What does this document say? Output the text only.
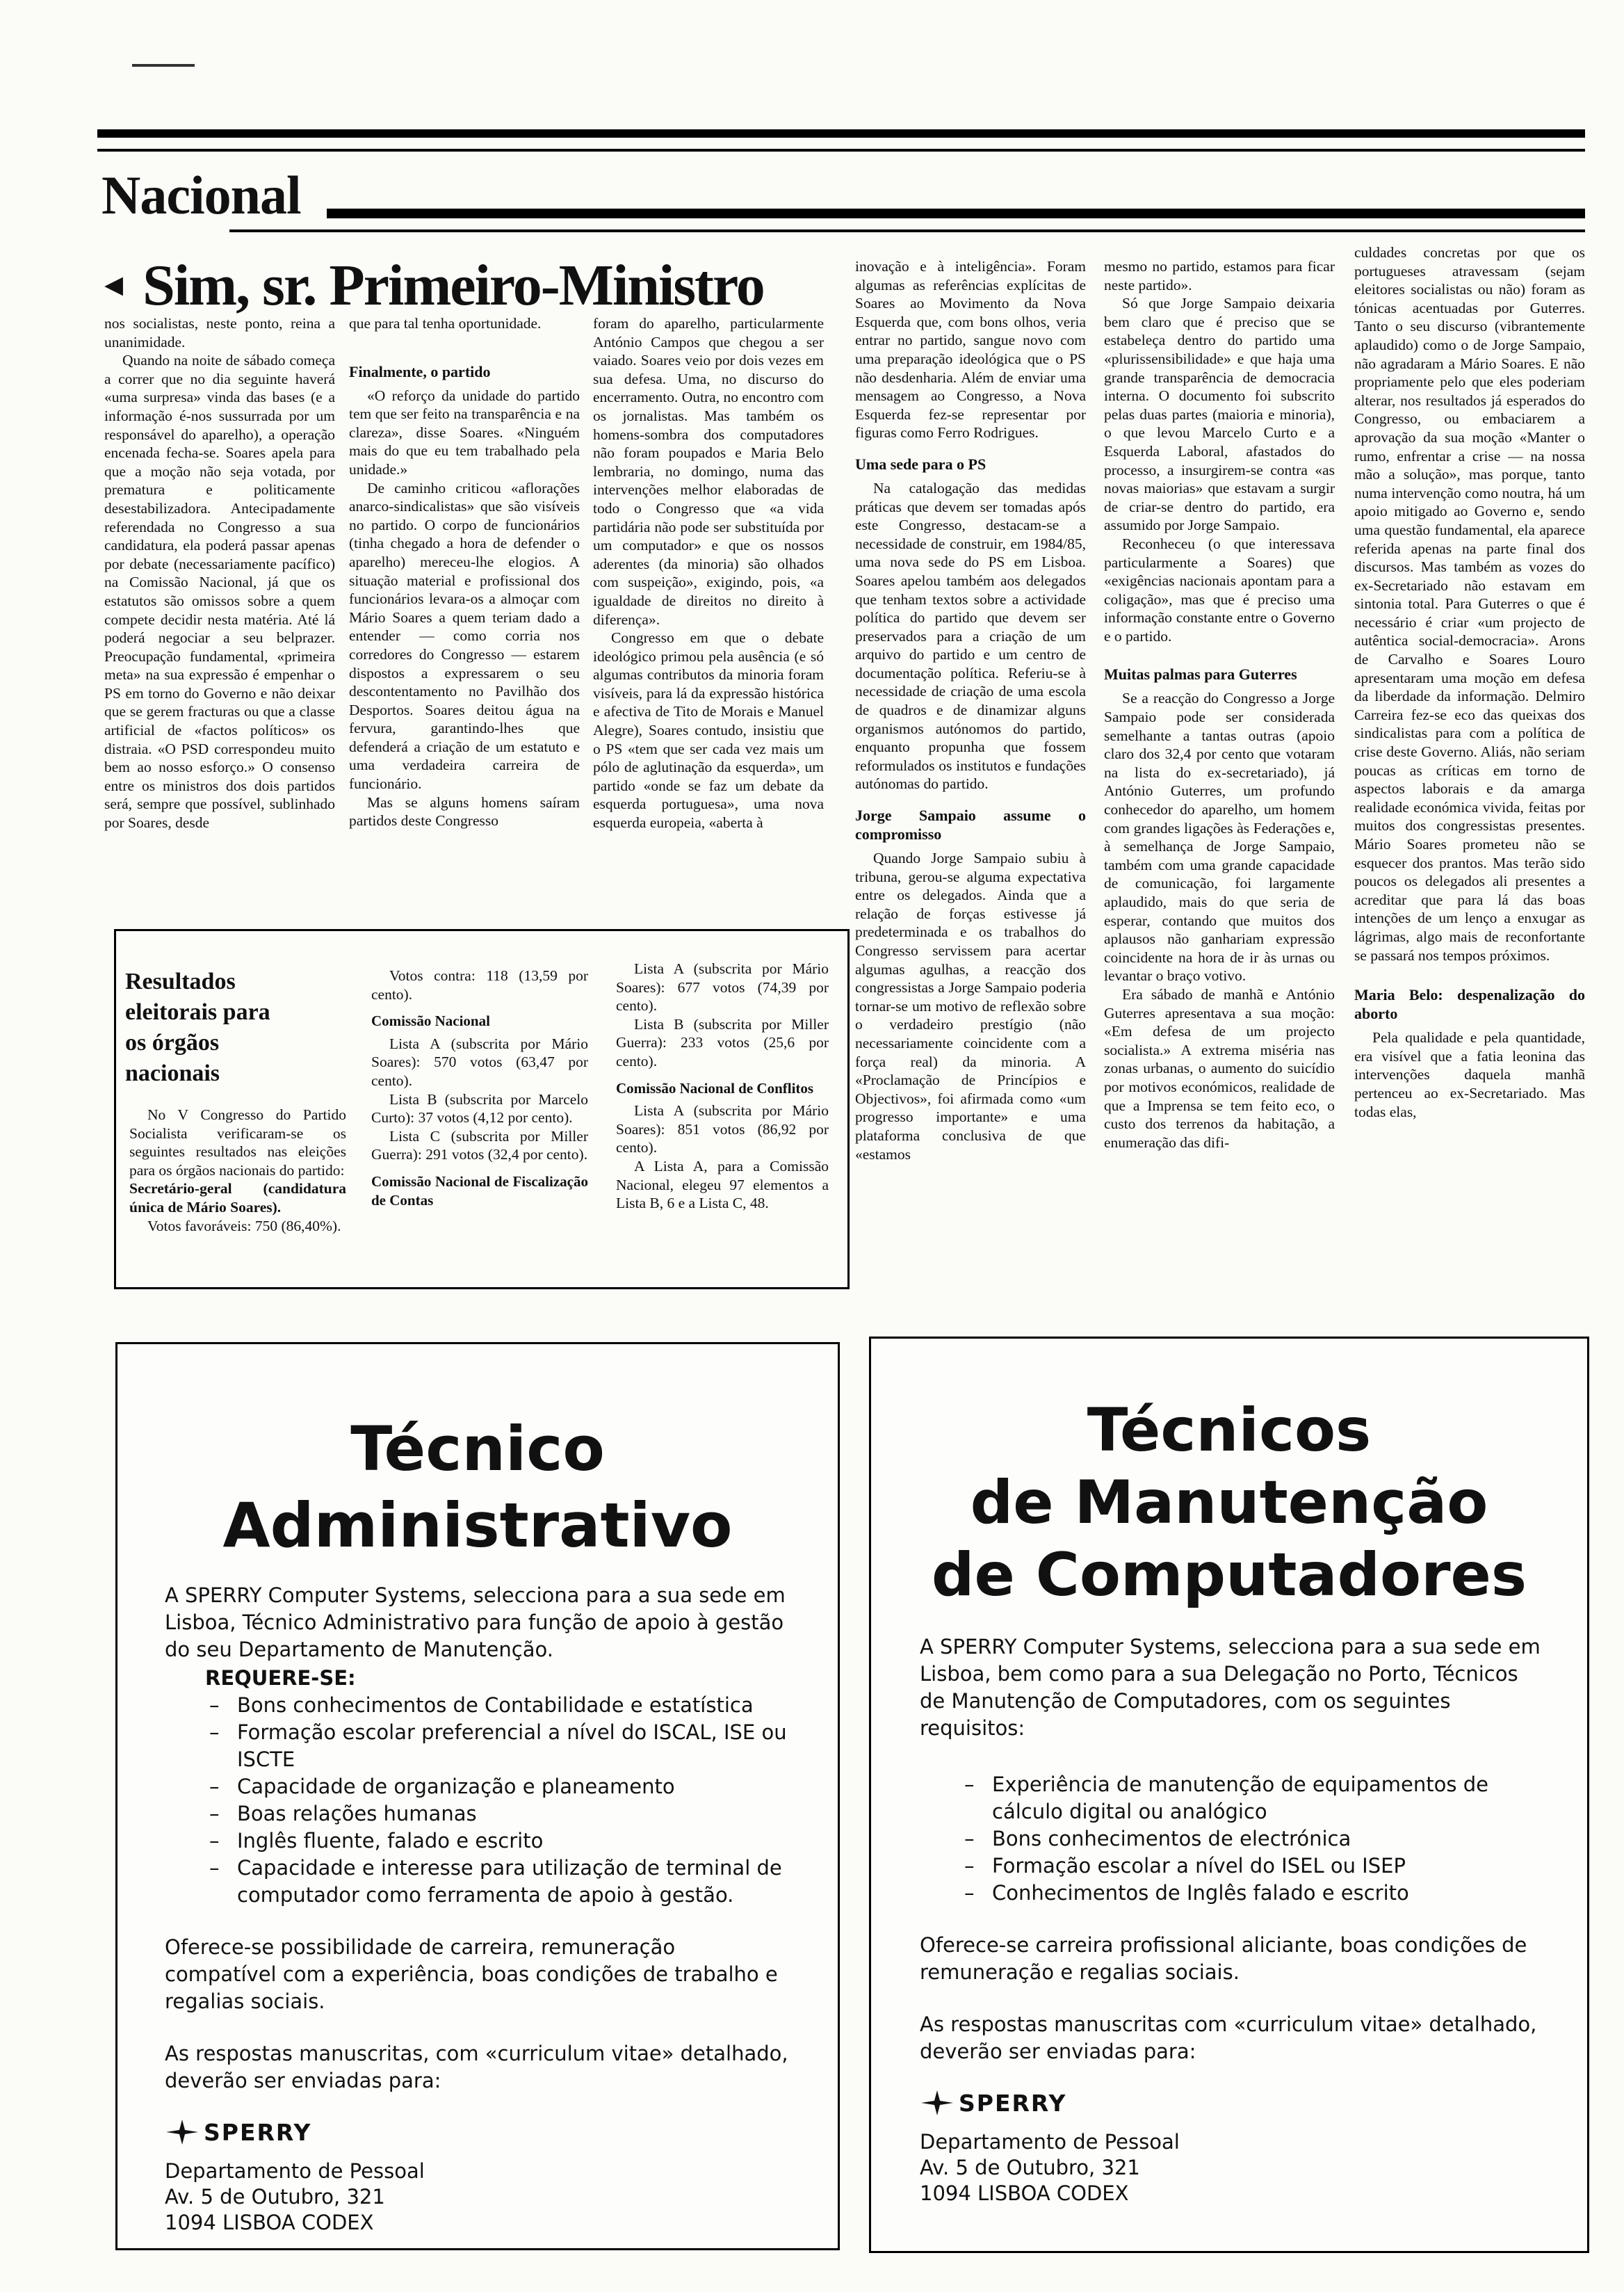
Nacional
◂ Sim, sr. Primeiro-Ministro

nos socialistas, neste ponto, reina a unanimidade.

Quando na noite de sábado começa a correr que no dia seguinte haverá «uma surpresa» vinda das bases (e a informação é-nos sussurrada por um responsável do aparelho), a operação encenada fecha-se. Soares apela para que a moção não seja votada, por prematura e politicamente desestabilizadora. Antecipadamente referendada no Congresso a sua candidatura, ela poderá passar apenas por debate (necessariamente pacífico) na Comissão Nacional, já que os estatutos são omissos sobre a quem compete decidir nesta matéria. Até lá poderá negociar a seu belprazer. Preocupação fundamental, «primeira meta» na sua expressão é empenhar o PS em torno do Governo e não deixar que se gerem fracturas ou que a classe artificial de «factos políticos» os distraia. «O PSD correspondeu muito bem ao nosso esforço.» O consenso entre os ministros dos dois partidos será, sempre que possível, sublinhado por Soares, desde

que para tal tenha oportunidade.

Finalmente, o partido

«O reforço da unidade do partido tem que ser feito na transparência e na clareza», disse Soares. «Ninguém mais do que eu tem trabalhado pela unidade.»

De caminho criticou «aflorações anarco-sindicalistas» que são visíveis no partido. O corpo de funcionários (tinha chegado a hora de defender o aparelho) mereceu-lhe elogios. A situação material e profissional dos funcionários levara-os a almoçar com Mário Soares a quem teriam dado a entender — como corria nos corredores do Congresso — estarem dispostos a expressarem o seu descontentamento no Pavilhão dos Desportos. Soares deitou água na fervura, garantindo-lhes que defenderá a criação de um estatuto e uma verdadeira carreira de funcionário.

Mas se alguns homens saíram partidos deste Congresso

foram do aparelho, particularmente António Campos que chegou a ser vaiado. Soares veio por dois vezes em sua defesa. Uma, no discurso do encerramento. Outra, no encontro com os jornalistas. Mas também os homens-sombra dos computadores não foram poupados e Maria Belo lembraria, no domingo, numa das intervenções melhor elaboradas de todo o Congresso que «a vida partidária não pode ser substituída por um computador» e que os nossos aderentes (da minoria) são olhados com suspeição», exigindo, pois, «a igualdade de direitos no direito à diferença».

Congresso em que o debate ideológico primou pela ausência (e só algumas contributos da minoria foram visíveis, para lá da expressão histórica e afectiva de Tito de Morais e Manuel Alegre), Soares contudo, insistiu que o PS «tem que ser cada vez mais um pólo de aglutinação da esquerda», um partido «onde se faz um debate da esquerda portuguesa», uma nova esquerda europeia, «aberta à

inovação e à inteligência». Foram algumas as referências explícitas de Soares ao Movimento da Nova Esquerda que, com bons olhos, veria entrar no partido, sangue novo com uma preparação ideológica que o PS não desdenharia. Além de enviar uma mensagem ao Congresso, a Nova Esquerda fez-se representar por figuras como Ferro Rodrigues.

Uma sede para o PS

Na catalogação das medidas práticas que devem ser tomadas após este Congresso, destacam-se a necessidade de construir, em 1984/85, uma nova sede do PS em Lisboa. Soares apelou também aos delegados que tenham textos sobre a actividade política do partido que devem ser preservados para a criação de um arquivo do partido e um centro de documentação política. Referiu-se à necessidade de criação de uma escola de quadros e de dinamizar alguns organismos autónomos do partido, enquanto propunha que fossem reformulados os institutos e fundações autónomas do partido.

Jorge Sampaio assume o compromisso

Quando Jorge Sampaio subiu à tribuna, gerou-se alguma expectativa entre os delegados. Ainda que a relação de forças estivesse já predeterminada e os trabalhos do Congresso servissem para acertar algumas agulhas, a reacção dos congressistas a Jorge Sampaio poderia tornar-se um motivo de reflexão sobre o verdadeiro prestígio (não necessariamente coincidente com a força real) da minoria. A «Proclamação de Princípios e Objectivos», foi afirmada como «um progresso importante» e uma plataforma conclusiva de que «estamos

mesmo no partido, estamos para ficar neste partido».

Só que Jorge Sampaio deixaria bem claro que é preciso que se estabeleça dentro do partido uma «plurissensibilidade» e que haja uma grande transparência de democracia interna. O documento foi subscrito pelas duas partes (maioria e minoria), o que levou Marcelo Curto e a Esquerda Laboral, afastados do processo, a insurgirem-se contra «as novas maiorias» que estavam a surgir de criar-se dentro do partido, era assumido por Jorge Sampaio.

Reconheceu (o que interessava particularmente a Soares) que «exigências nacionais apontam para a coligação», mas que é preciso uma informação constante entre o Governo e o partido.

Muitas palmas para Guterres

Se a reacção do Congresso a Jorge Sampaio pode ser considerada semelhante a tantas outras (apoio claro dos 32,4 por cento que votaram na lista do ex-secretariado), já António Guterres, um profundo conhecedor do aparelho, um homem com grandes ligações às Federações e, à semelhança de Jorge Sampaio, também com uma grande capacidade de comunicação, foi largamente aplaudido, mais do que seria de esperar, contando que muitos dos aplausos não ganhariam expressão coincidente na hora de ir às urnas ou levantar o braço votivo.

Era sábado de manhã e António Guterres apresentava a sua moção: «Em defesa de um projecto socialista.» A extrema miséria nas zonas urbanas, o aumento do suicídio por motivos económicos, realidade de que a Imprensa se tem feito eco, o custo dos terrenos da habitação, a enumeração das difi-

culdades concretas por que os portugueses atravessam (sejam eleitores socialistas ou não) foram as tónicas acentuadas por Guterres. Tanto o seu discurso (vibrantemente aplaudido) como o de Jorge Sampaio, não agradaram a Mário Soares. E não propriamente pelo que eles poderiam alterar, nos resultados já esperados do Congresso, ou embaciarem a aprovação da sua moção «Manter o rumo, enfrentar a crise — na nossa mão a solução», mas porque, tanto numa intervenção como noutra, há um apoio mitigado ao Governo e, sendo uma questão fundamental, ela aparece referida apenas na parte final dos discursos. Mas também as vozes do ex-Secretariado não estavam em sintonia total. Para Guterres o que é necessário é criar «um projecto de autêntica social-democracia». Arons de Carvalho e Soares Louro apresentaram uma moção em defesa da liberdade da informação. Delmiro Carreira fez-se eco das queixas dos sindicalistas para com a política de crise deste Governo. Aliás, não seriam poucas as críticas em torno de aspectos laborais e da amarga realidade económica vivida, feitas por muitos dos congressistas presentes. Mário Soares prometeu não se esquecer dos prantos. Mas terão sido poucos os delegados ali presentes a acreditar que para lá das boas intenções de um lenço a enxugar as lágrimas, algo mais de reconfortante se passará nos tempos próximos.

Maria Belo: despenalização do aborto

Pela qualidade e pela quantidade, era visível que a fatia leonina das intervenções daquela manhã pertenceu ao ex-Secretariado. Mas todas elas,

Resultados eleitorais para os órgãos nacionais

No V Congresso do Partido Socialista verificaram-se os seguintes resultados nas eleições para os órgãos nacionais do partido:

Secretário-geral (candidatura única de Mário Soares).

Votos favoráveis: 750 (86,40%).

Votos contra: 118 (13,59 por cento).

Comissão Nacional

Lista A (subscrita por Mário Soares): 570 votos (63,47 por cento).

Lista B (subscrita por Marcelo Curto): 37 votos (4,12 por cento).

Lista C (subscrita por Miller Guerra): 291 votos (32,4 por cento).

Comissão Nacional de Fiscalização de Contas

Lista A (subscrita por Mário Soares): 677 votos (74,39 por cento).

Lista B (subscrita por Miller Guerra): 233 votos (25,6 por cento).

Comissão Nacional de Conflitos

Lista A (subscrita por Mário Soares): 851 votos (86,92 por cento).

A Lista A, para a Comissão Nacional, elegeu 97 elementos a Lista B, 6 e a Lista C, 48.

Técnico
Administrativo

A SPERRY Computer Systems, selecciona para a sua sede em Lisboa, Técnico Administrativo para função de apoio à gestão do seu Departamento de Manutenção.

REQUERE-SE:
– Bons conhecimentos de Contabilidade e estatística
– Formação escolar preferencial a nível do ISCAL, ISE ou ISCTE
– Capacidade de organização e planeamento
– Boas relações humanas
– Inglês fluente, falado e escrito
– Capacidade e interesse para utilização de terminal de computador como ferramenta de apoio à gestão.

Oferece-se possibilidade de carreira, remuneração compatível com a experiência, boas condições de trabalho e regalias sociais.

As respostas manuscritas, com «curriculum vitae» detalhado, deverão ser enviadas para:

SPERRY
Departamento de Pessoal
Av. 5 de Outubro, 321
1094 LISBOA CODEX
Técnicos
de Manutenção
de Computadores

A SPERRY Computer Systems, selecciona para a sua sede em Lisboa, bem como para a sua Delegação no Porto, Técnicos de Manutenção de Computadores, com os seguintes requisitos:

– Experiência de manutenção de equipamentos de cálculo digital ou analógico
– Bons conhecimentos de electrónica
– Formação escolar a nível do ISEL ou ISEP
– Conhecimentos de Inglês falado e escrito

Oferece-se carreira profissional aliciante, boas condições de remuneração e regalias sociais.

As respostas manuscritas com «curriculum vitae» detalhado, deverão ser enviadas para:

SPERRY
Departamento de Pessoal
Av. 5 de Outubro, 321
1094 LISBOA CODEX
